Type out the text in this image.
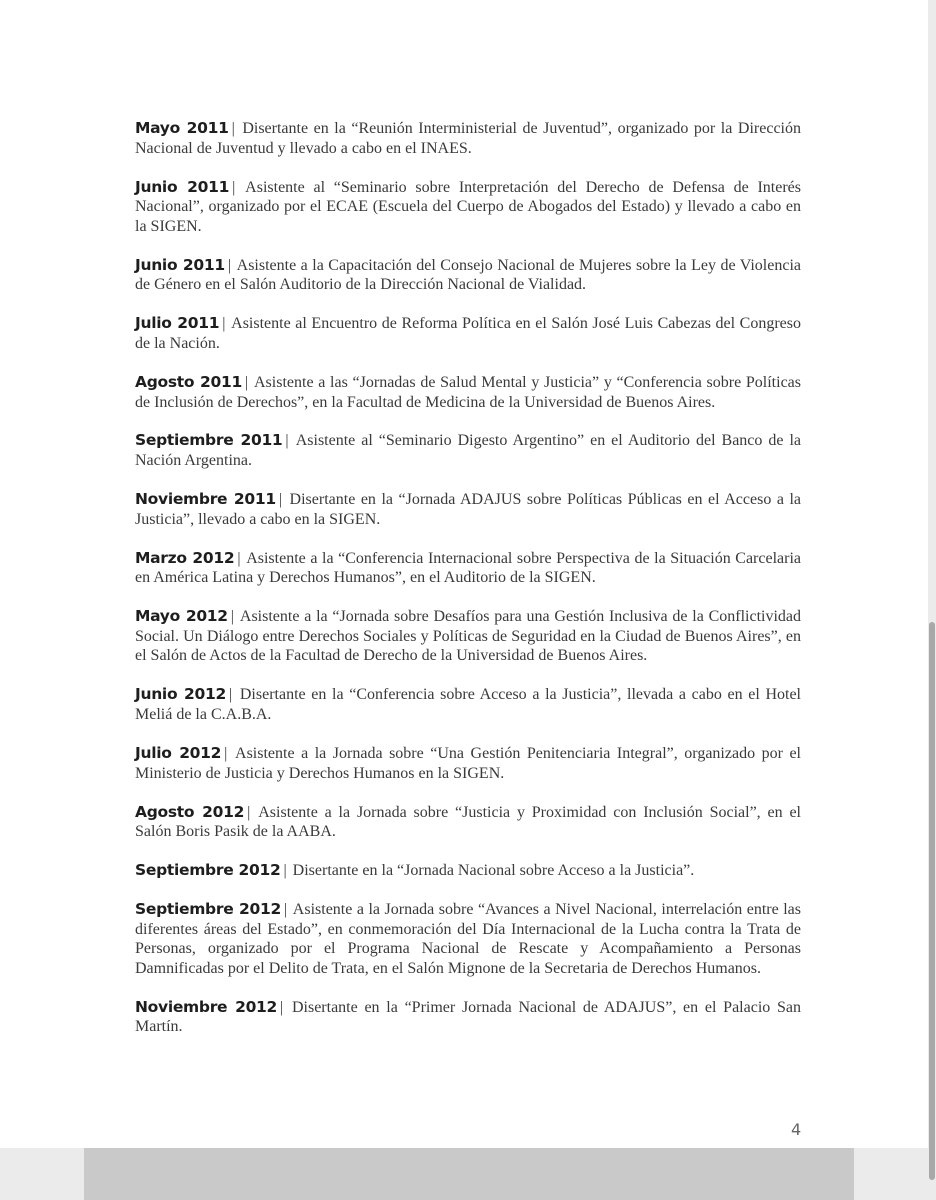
Mayo 2011 | Disertante en la “Reunión Interministerial de Juventud”, organizado por la Dirección Nacional de Juventud y llevado a cabo en el INAES.

Junio 2011 | Asistente al “Seminario sobre Interpretación del Derecho de Defensa de Interés Nacional”, organizado por el ECAE (Escuela del Cuerpo de Abogados del Estado) y llevado a cabo en la SIGEN.

Junio 2011 | Asistente a la Capacitación del Consejo Nacional de Mujeres sobre la Ley de Violencia de Género en el Salón Auditorio de la Dirección Nacional de Vialidad.

Julio 2011 | Asistente al Encuentro de Reforma Política en el Salón José Luis Cabezas del Congreso de la Nación.

Agosto 2011 | Asistente a las “Jornadas de Salud Mental y Justicia” y “Conferencia sobre Políticas de Inclusión de Derechos”, en la Facultad de Medicina de la Universidad de Buenos Aires.

Septiembre 2011 | Asistente al “Seminario Digesto Argentino” en el Auditorio del Banco de la Nación Argentina.

Noviembre 2011 | Disertante en la “Jornada ADAJUS sobre Políticas Públicas en el Acceso a la Justicia”, llevado a cabo en la SIGEN.

Marzo 2012 | Asistente a la “Conferencia Internacional sobre Perspectiva de la Situación Carcelaria en América Latina y Derechos Humanos”, en el Auditorio de la SIGEN.

Mayo 2012 | Asistente a la “Jornada sobre Desafíos para una Gestión Inclusiva de la Conflictividad Social. Un Diálogo entre Derechos Sociales y Políticas de Seguridad en la Ciudad de Buenos Aires”, en el Salón de Actos de la Facultad de Derecho de la Universidad de Buenos Aires.

Junio 2012 | Disertante en la “Conferencia sobre Acceso a la Justicia”, llevada a cabo en el Hotel Meliá de la C.A.B.A.

Julio 2012 | Asistente a la Jornada sobre “Una Gestión Penitenciaria Integral”, organizado por el Ministerio de Justicia y Derechos Humanos en la SIGEN.

Agosto 2012 | Asistente a la Jornada sobre “Justicia y Proximidad con Inclusión Social”, en el Salón Boris Pasik de la AABA.

Septiembre 2012 | Disertante en la “Jornada Nacional sobre Acceso a la Justicia”.

Septiembre 2012 | Asistente a la Jornada sobre “Avances a Nivel Nacional, interrelación entre las diferentes áreas del Estado”, en conmemoración del Día Internacional de la Lucha contra la Trata de Personas, organizado por el Programa Nacional de Rescate y Acompañamiento a Personas Damnificadas por el Delito de Trata, en el Salón Mignone de la Secretaria de Derechos Humanos.

Noviembre 2012 | Disertante en la “Primer Jornada Nacional de ADAJUS”, en el Palacio San Martín.

4
